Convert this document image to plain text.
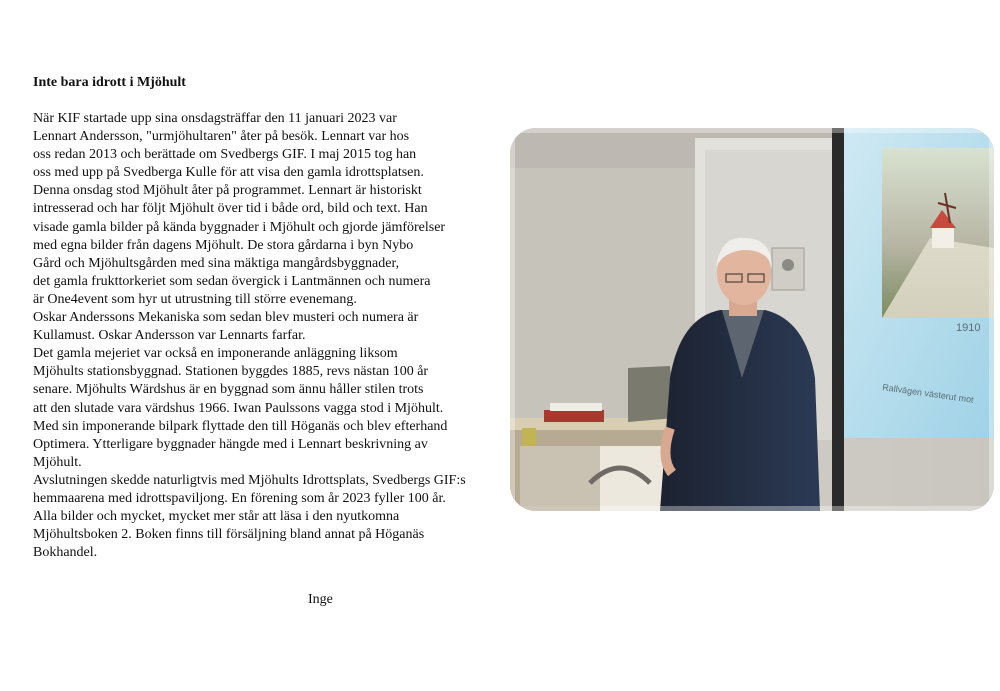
Inte bara idrott i Mjöhult
När KIF startade upp sina onsdagsträffar den 11 januari 2023 var
Lennart Andersson, "urmjöhultaren" åter på besök. Lennart var hos
oss redan 2013 och berättade om Svedbergs GIF. I maj 2015 tog han
oss med upp på Svedberga Kulle för att visa den gamla idrottsplatsen.
Denna onsdag stod Mjöhult åter på programmet. Lennart är historiskt
intresserad och har följt Mjöhult över tid i både ord, bild och text. Han
visade gamla bilder på kända byggnader i Mjöhult och gjorde jämförelser
med egna bilder från dagens Mjöhult. De stora gårdarna i byn Nybo
Gård och Mjöhultsgården med sina mäktiga mangårdsbyggnader,
det gamla frukttorkeriet som sedan övergick i Lantmännen och numera
är One4event som hyr ut utrustning till större evenemang.
Oskar Anderssons Mekaniska som sedan blev musteri och numera är
Kullamust. Oskar Andersson var Lennarts farfar.
Det gamla mejeriet var också en imponerande anläggning liksom
Mjöhults stationsbyggnad. Stationen byggdes 1885, revs nästan 100 år
senare. Mjöhults Wärdshus är en byggnad som ännu håller stilen trots
att den slutade vara värdshus 1966. Iwan Paulssons vagga stod i Mjöhult.
Med sin imponerande bilpark flyttade den till Höganäs och blev efterhand
Optimera. Ytterligare byggnader hängde med i Lennart beskrivning av
Mjöhult.
Avslutningen skedde naturligtvis med Mjöhults Idrottsplats, Svedbergs GIF:s
hemmaarena med idrottspaviljong. En förening som år 2023 fyller 100 år.
Alla bilder och mycket, mycket mer står att läsa i den nyutkomna
Mjöhultsboken 2. Boken finns till försäljning bland annat på Höganäs
Bokhandel.
Inge
1910
Rallvägen västerut mot
